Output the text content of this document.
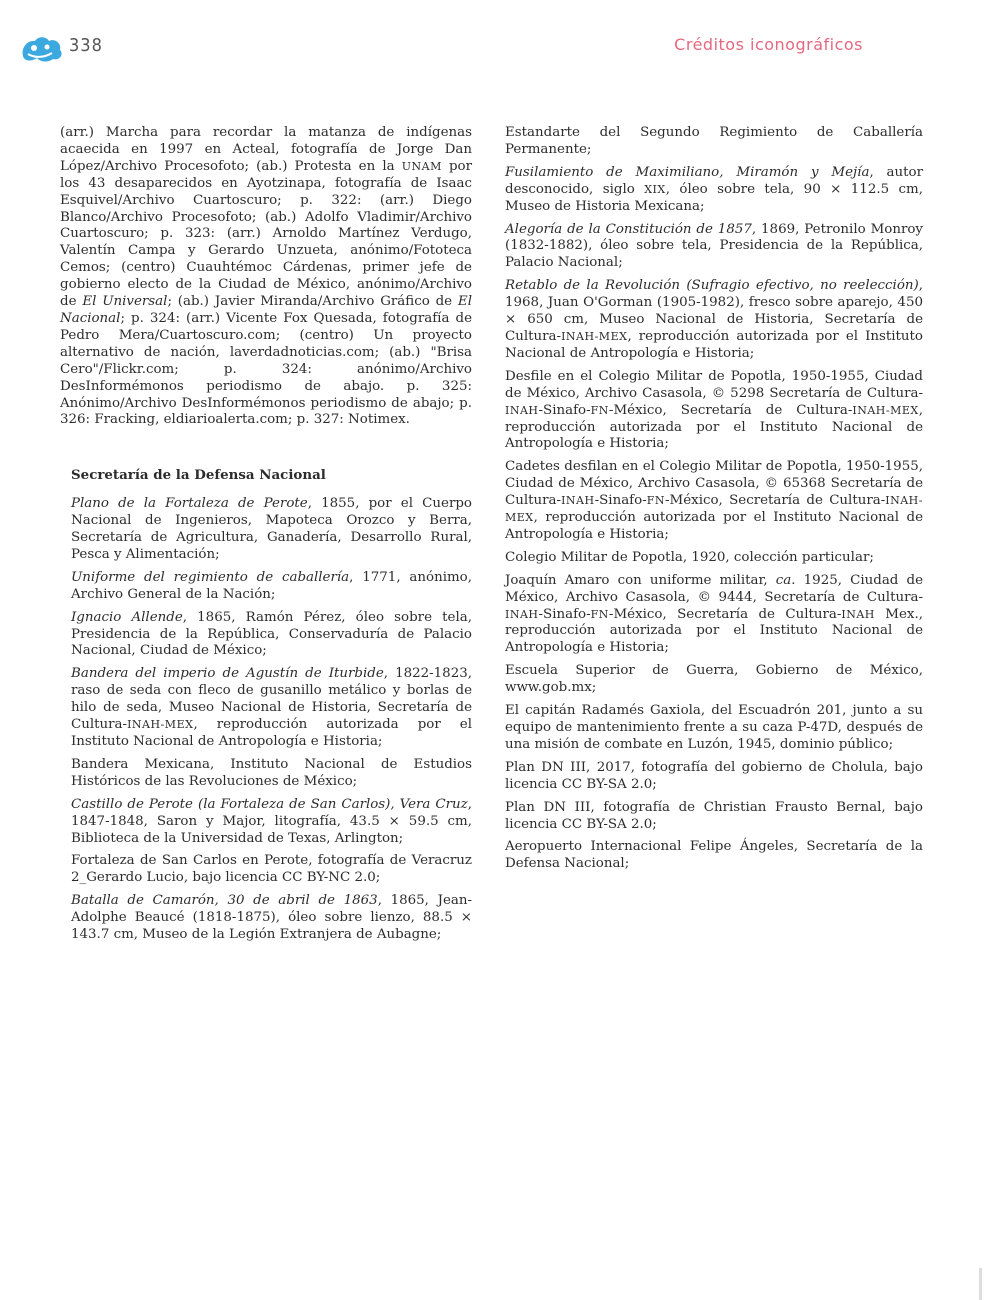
338	Créditos iconográficos

(arr.) Marcha para recordar la matanza de indígenas acaecida en 1997 en Acteal, fotografía de Jorge Dan López/Archivo Procesofoto; (ab.) Protesta en la UNAM por los 43 desaparecidos en Ayotzinapa, fotografía de Isaac Esquivel/Archivo Cuartoscuro; p. 322: (arr.) Diego Blanco/Archivo Procesofoto; (ab.) Adolfo Vladimir/Archivo Cuartoscuro; p. 323: (arr.) Arnoldo Martínez Verdugo, Valentín Campa y Gerardo Unzueta, anónimo/Fototeca Cemos; (centro) Cuauhtémoc Cárdenas, primer jefe de gobierno electo de la Ciudad de México, anónimo/Archivo de El Universal; (ab.) Javier Miranda/Archivo Gráfico de El Nacional; p. 324: (arr.) Vicente Fox Quesada, fotografía de Pedro Mera/Cuartoscuro.com; (centro) Un proyecto alternativo de nación, laverdadnoticias.com; (ab.) "Brisa Cero"/Flickr.com; p. 324: anónimo/Archivo DesInformémonos periodismo de abajo. p. 325: Anónimo/Archivo DesInformémonos periodismo de abajo; p. 326: Fracking, eldiarioalerta.com; p. 327: Notimex.

Secretaría de la Defensa Nacional

Plano de la Fortaleza de Perote, 1855, por el Cuerpo Nacional de Ingenieros, Mapoteca Orozco y Berra, Secretaría de Agricultura, Ganadería, Desarrollo Rural, Pesca y Alimentación;

Uniforme del regimiento de caballería, 1771, anónimo, Archivo General de la Nación;

Ignacio Allende, 1865, Ramón Pérez, óleo sobre tela, Presidencia de la República, Conservaduría de Palacio Nacional, Ciudad de México;

Bandera del imperio de Agustín de Iturbide, 1822-1823, raso de seda con fleco de gusanillo metálico y borlas de hilo de seda, Museo Nacional de Historia, Secretaría de Cultura-INAH-MEX, reproducción autorizada por el Instituto Nacional de Antropología e Historia;

Bandera Mexicana, Instituto Nacional de Estudios Históricos de las Revoluciones de México;

Castillo de Perote (la Fortaleza de San Carlos), Vera Cruz, 1847-1848, Saron y Major, litografía, 43.5 × 59.5 cm, Biblioteca de la Universidad de Texas, Arlington;

Fortaleza de San Carlos en Perote, fotografía de Veracruz 2_Gerardo Lucio, bajo licencia CC BY-NC 2.0;

Batalla de Camarón, 30 de abril de 1863, 1865, Jean-Adolphe Beaucé (1818-1875), óleo sobre lienzo, 88.5 × 143.7 cm, Museo de la Legión Extranjera de Aubagne;

Estandarte del Segundo Regimiento de Caballería Permanente;

Fusilamiento de Maximiliano, Miramón y Mejía, autor desconocido, siglo XIX, óleo sobre tela, 90 × 112.5 cm, Museo de Historia Mexicana;

Alegoría de la Constitución de 1857, 1869, Petronilo Monroy (1832-1882), óleo sobre tela, Presidencia de la República, Palacio Nacional;

Retablo de la Revolución (Sufragio efectivo, no reelección), 1968, Juan O'Gorman (1905-1982), fresco sobre aparejo, 450 × 650 cm, Museo Nacional de Historia, Secretaría de Cultura-INAH-MEX, reproducción autorizada por el Instituto Nacional de Antropología e Historia;

Desfile en el Colegio Militar de Popotla, 1950-1955, Ciudad de México, Archivo Casasola, © 5298 Secretaría de Cultura-INAH-Sinafo-FN-México, Secretaría de Cultura-INAH-MEX, reproducción autorizada por el Instituto Nacional de Antropología e Historia;

Cadetes desfilan en el Colegio Militar de Popotla, 1950-1955, Ciudad de México, Archivo Casasola, © 65368 Secretaría de Cultura-INAH-Sinafo-FN-México, Secretaría de Cultura-INAH-MEX, reproducción autorizada por el Instituto Nacional de Antropología e Historia;

Colegio Militar de Popotla, 1920, colección particular;

Joaquín Amaro con uniforme militar, ca. 1925, Ciudad de México, Archivo Casasola, © 9444, Secretaría de Cultura-INAH-Sinafo-FN-México, Secretaría de Cultura-INAH Mex., reproducción autorizada por el Instituto Nacional de Antropología e Historia;

Escuela Superior de Guerra, Gobierno de México, www.gob.mx;

El capitán Radamés Gaxiola, del Escuadrón 201, junto a su equipo de mantenimiento frente a su caza P-47D, después de una misión de combate en Luzón, 1945, dominio público;

Plan DN III, 2017, fotografía del gobierno de Cholula, bajo licencia CC BY-SA 2.0;

Plan DN III, fotografía de Christian Frausto Bernal, bajo licencia CC BY-SA 2.0;

Aeropuerto Internacional Felipe Ángeles, Secretaría de la Defensa Nacional;
